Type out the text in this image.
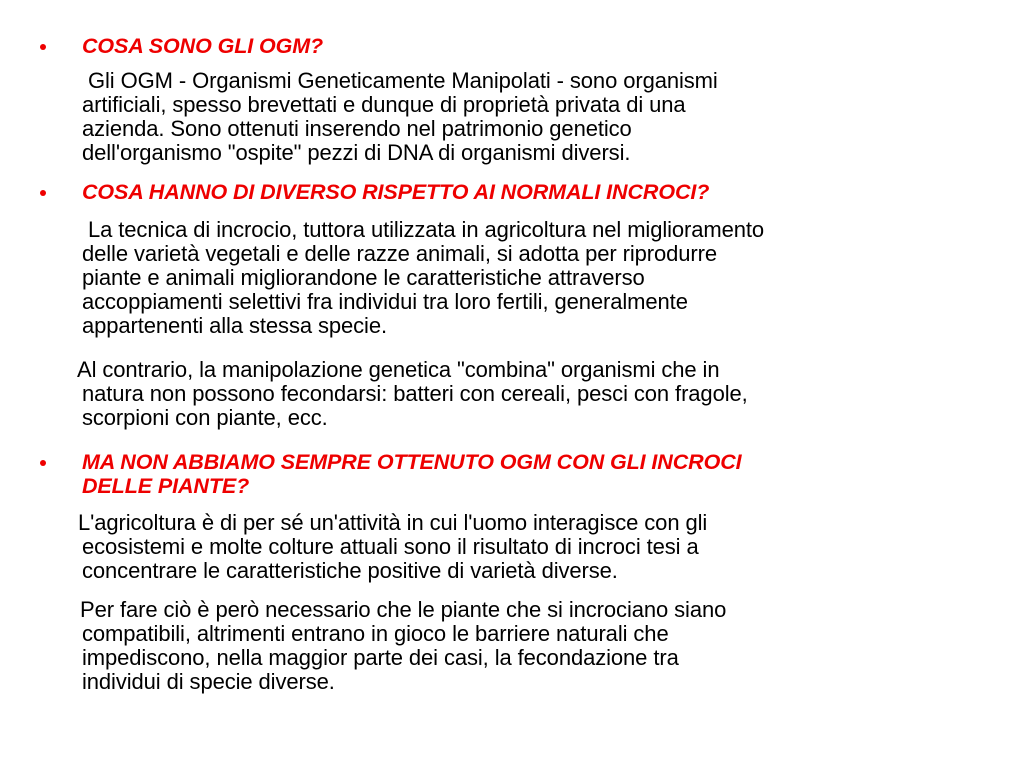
COSA SONO GLI OGM?
Gli OGM - Organismi Geneticamente Manipolati - sono organismi
artificiali, spesso brevettati e dunque di proprietà privata di una
azienda. Sono ottenuti inserendo nel patrimonio genetico
dell'organismo "ospite" pezzi di DNA di organismi diversi.
COSA HANNO DI DIVERSO RISPETTO AI NORMALI INCROCI?
La tecnica di incrocio, tuttora utilizzata in agricoltura nel miglioramento
delle varietà vegetali e delle razze animali, si adotta per riprodurre
piante e animali migliorandone le caratteristiche attraverso
accoppiamenti selettivi fra individui tra loro fertili, generalmente
appartenenti alla stessa specie.
Al contrario, la manipolazione genetica "combina" organismi che in
natura non possono fecondarsi: batteri con cereali, pesci con fragole,
scorpioni con piante, ecc.
MA NON ABBIAMO SEMPRE OTTENUTO OGM CON GLI INCROCI
DELLE PIANTE?
L'agricoltura è di per sé un'attività in cui l'uomo interagisce con gli
ecosistemi e molte colture attuali sono il risultato di incroci tesi a
concentrare le caratteristiche positive di varietà diverse.
Per fare ciò è però necessario che le piante che si incrociano siano
compatibili, altrimenti entrano in gioco le barriere naturali che
impediscono, nella maggior parte dei casi, la fecondazione tra
individui di specie diverse.
